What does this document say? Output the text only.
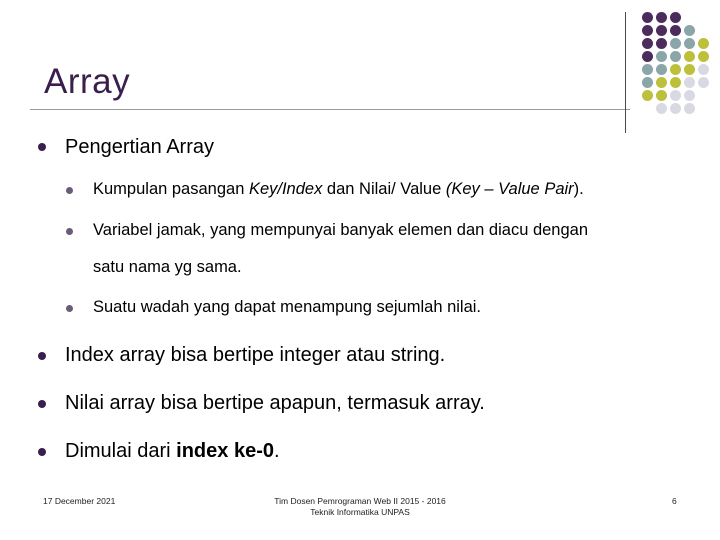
Array
Pengertian Array
Kumpulan pasangan Key/Index dan Nilai/ Value (Key – Value Pair).
Variabel jamak, yang mempunyai banyak elemen dan diacu dengan
satu nama yg sama.
Suatu wadah yang dapat menampung sejumlah nilai.
Index array bisa bertipe integer atau string.
Nilai array bisa bertipe apapun, termasuk array.
Dimulai dari index ke-0.
17 December 2021	Tim Dosen Pemrograman Web II 2015 - 2016
Teknik Informatika UNPAS
6
